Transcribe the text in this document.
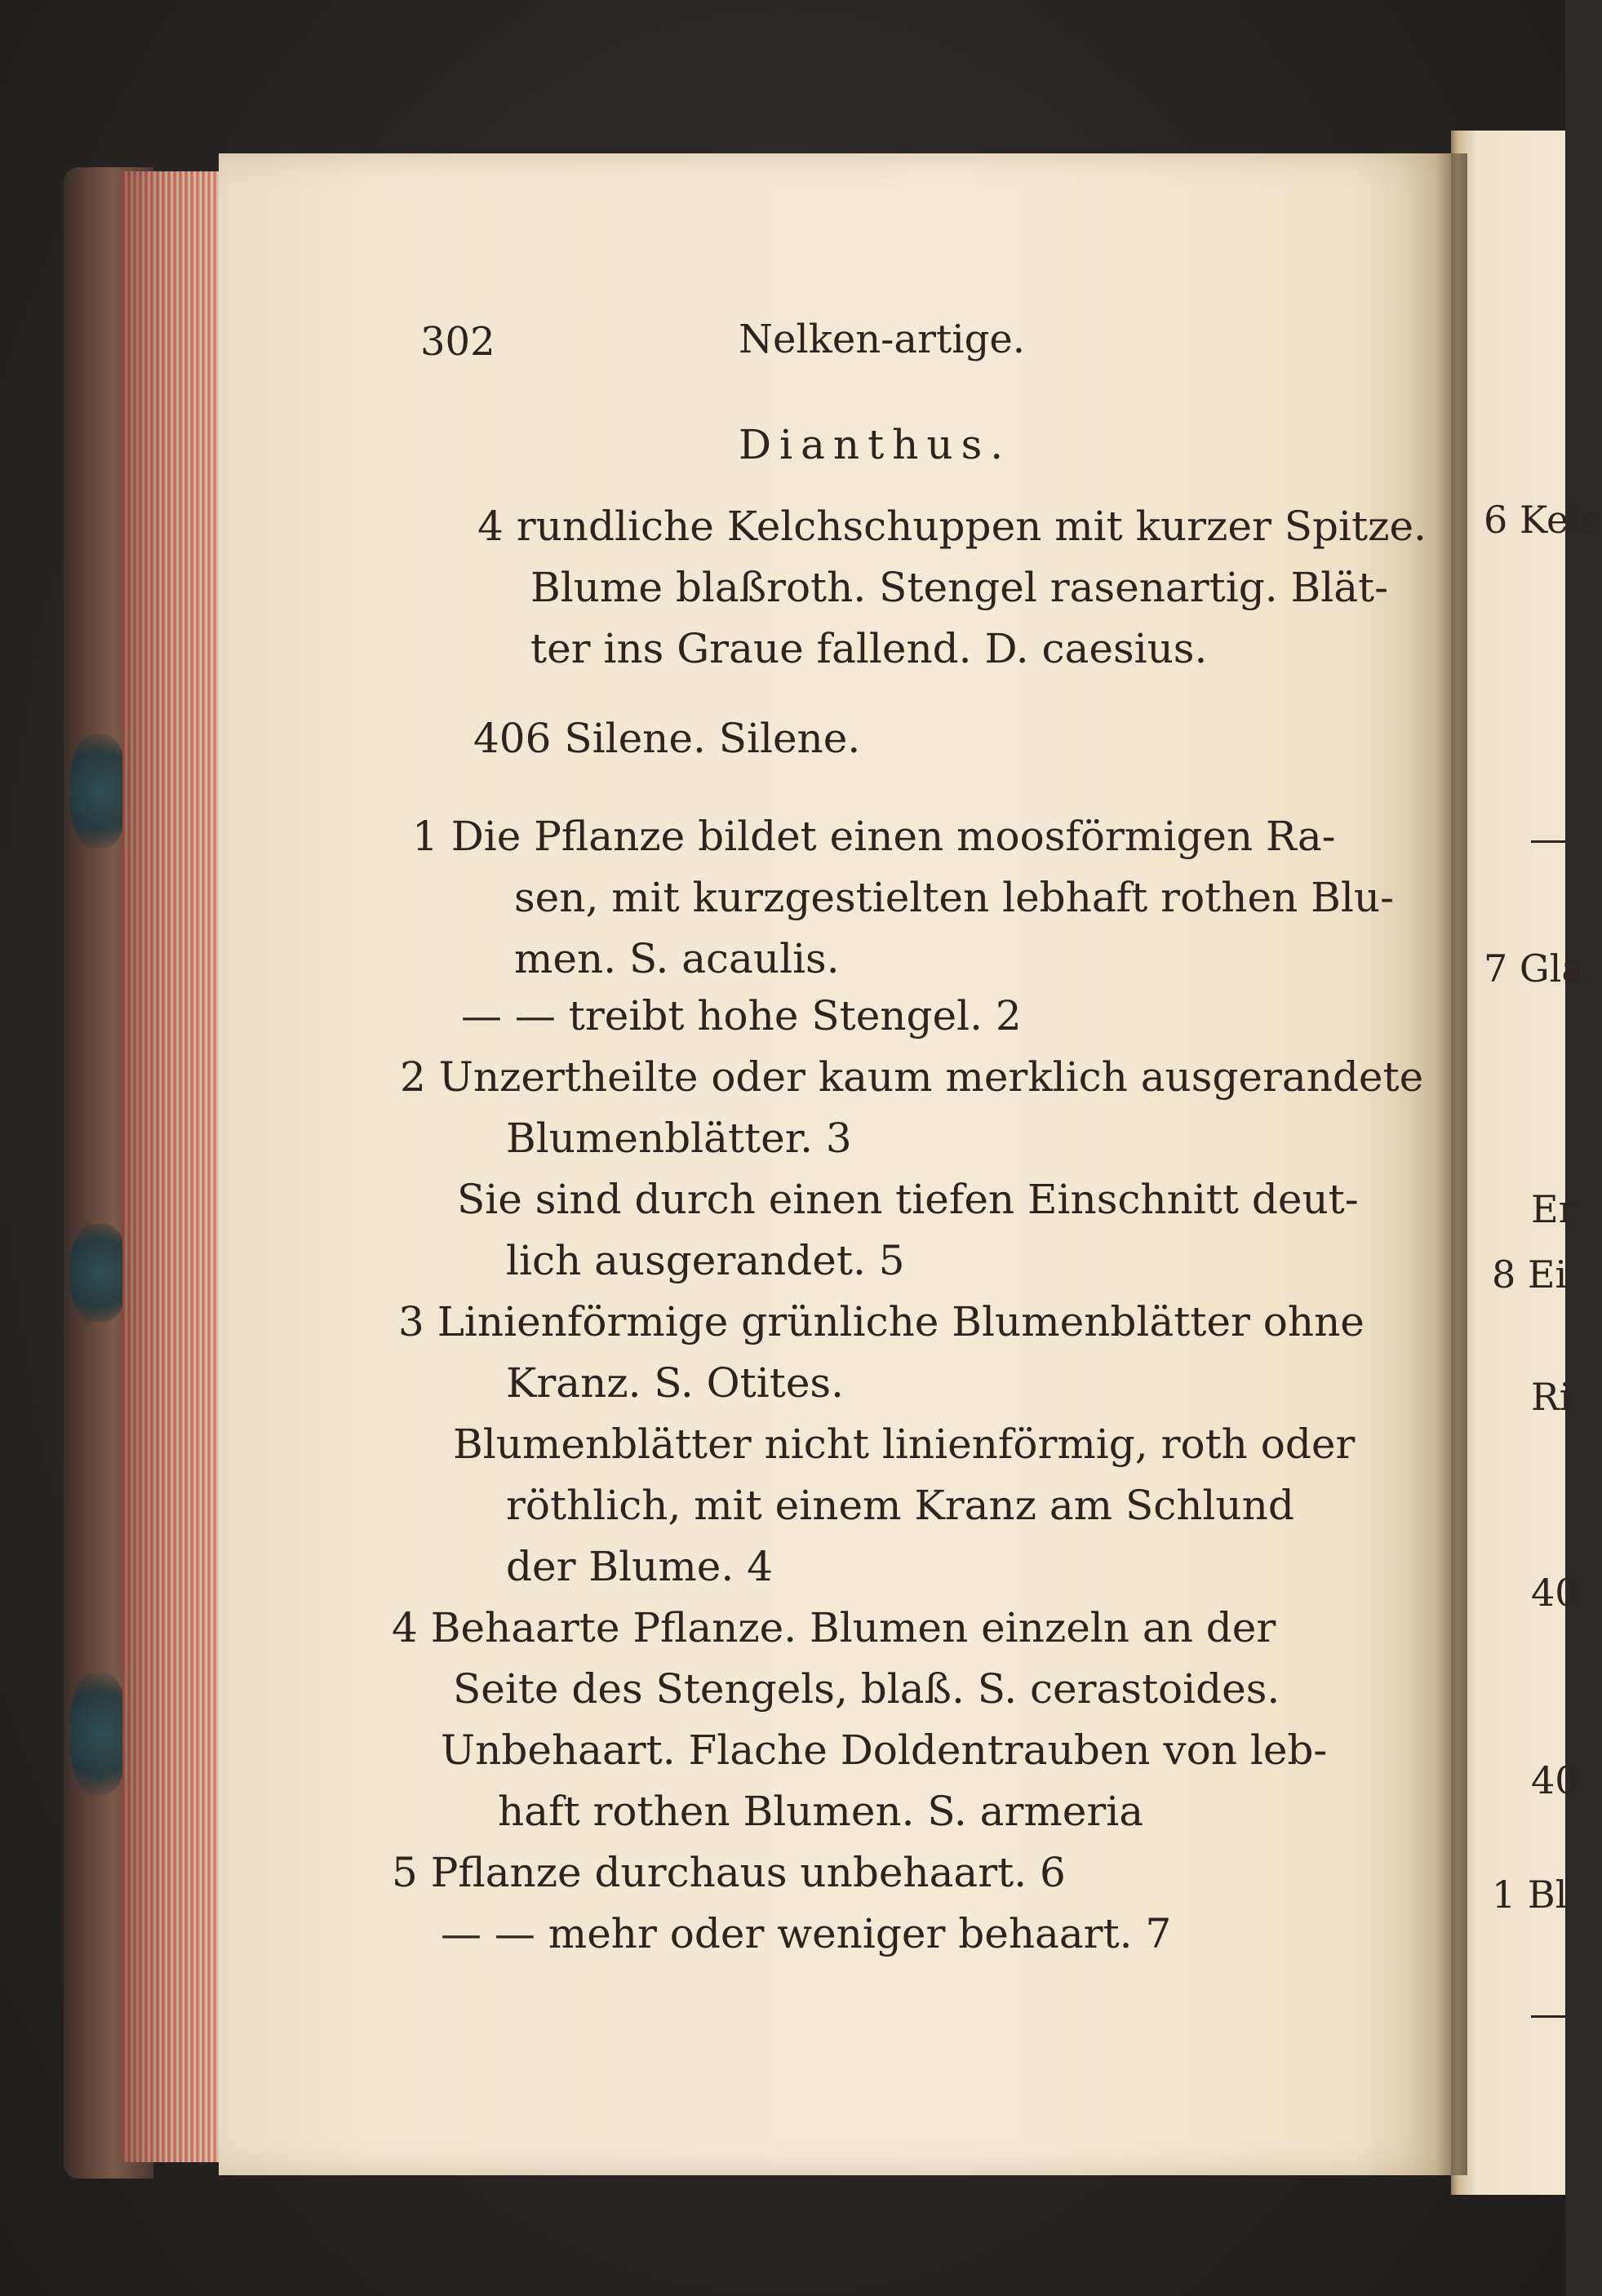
6 Kelc
7 Gla
Er
8 Ei
Ri
40
40
1 Bl
302	Nelken-artige.
Dianthus.
4 rundliche Kelchschuppen mit kurzer Spitze.
Blume blaßroth. Stengel rasenartig. Blät-
ter ins Graue fallend. D. caesius.
406 Silene. Silene.
1 Die Pflanze bildet einen moosförmigen Ra-
sen, mit kurzgestielten lebhaft rothen Blu-
men. S. acaulis.
— — treibt hohe Stengel. 2
2 Unzertheilte oder kaum merklich ausgerandete
Blumenblätter. 3
Sie sind durch einen tiefen Einschnitt deut-
lich ausgerandet. 5
3 Linienförmige grünliche Blumenblätter ohne
Kranz. S. Otites.
Blumenblätter nicht linienförmig, roth oder
röthlich, mit einem Kranz am Schlund
der Blume. 4
4 Behaarte Pflanze. Blumen einzeln an der
Seite des Stengels, blaß. S. cerastoides.
Unbehaart. Flache Doldentrauben von leb-
haft rothen Blumen. S. armeria
5 Pflanze durchaus unbehaart. 6
— — mehr oder weniger behaart. 7
